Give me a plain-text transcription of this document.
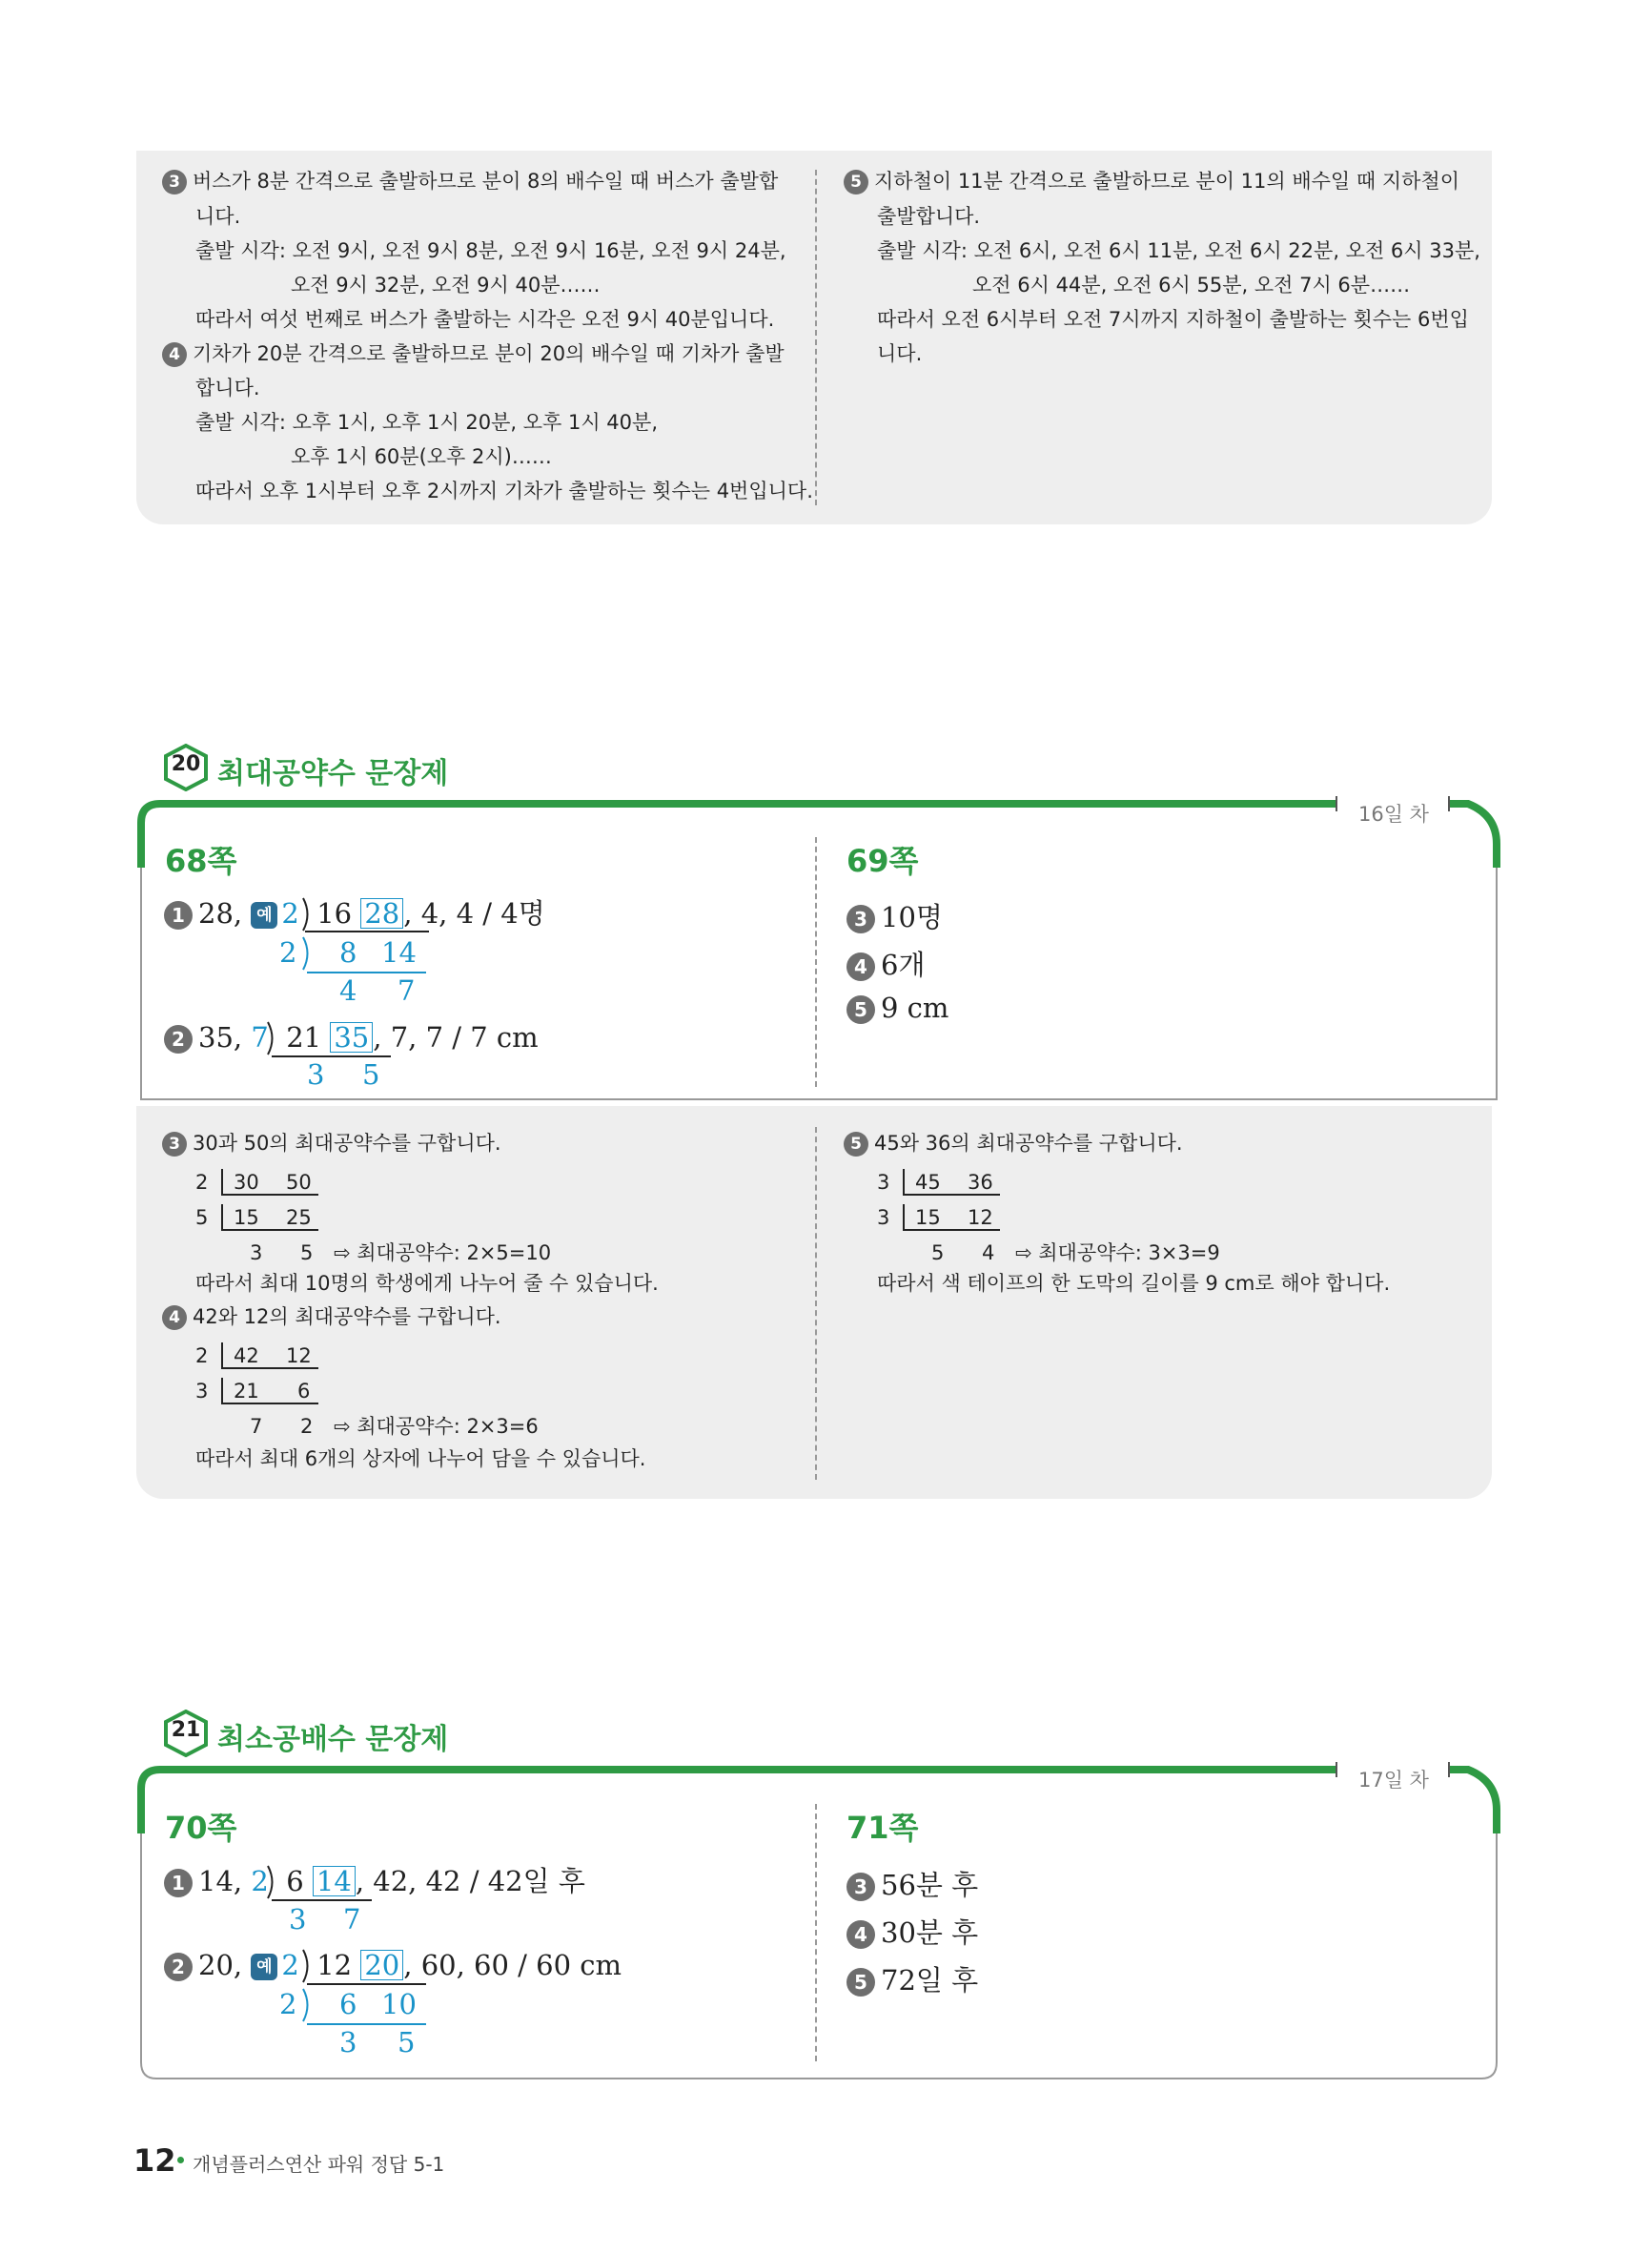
3 버스가 8분 간격으로 출발하므로 분이 8의 배수일 때 버스가 출발합
니다.
출발 시각: 오전 9시, 오전 9시 8분, 오전 9시 16분, 오전 9시 24분,
오전 9시 32분, 오전 9시 40분……
따라서 여섯 번째로 버스가 출발하는 시각은 오전 9시 40분입니다.
4 기차가 20분 간격으로 출발하므로 분이 20의 배수일 때 기차가 출발
합니다.
출발 시각: 오후 1시, 오후 1시 20분, 오후 1시 40분,
오후 1시 60분(오후 2시)……
따라서 오후 1시부터 오후 2시까지 기차가 출발하는 횟수는 4번입니다.
5 지하철이 11분 간격으로 출발하므로 분이 11의 배수일 때 지하철이
출발합니다.
출발 시각: 오전 6시, 오전 6시 11분, 오전 6시 22분, 오전 6시 33분,
오전 6시 44분, 오전 6시 55분, 오전 7시 6분……
따라서 오전 6시부터 오전 7시까지 지하철이 출발하는 횟수는 6번입
니다.
20 최대공약수 문장제
16일 차
68쪽	69쪽
1 28, 예 2 16 28 , 4, 4 / 4명
2 8 14
4 7
2 35, 7 21 35 , 7, 7 / 7 cm
3 5
3 10명
4 6개
5 9 cm
3 30과 50의 최대공약수를 구합니다.
2 30 50
5 15 25
3 5 ⇨ 최대공약수: 2×5=10
따라서 최대 10명의 학생에게 나누어 줄 수 있습니다.
4 42와 12의 최대공약수를 구합니다.
2 42 12
3 21 6
7 2 ⇨ 최대공약수: 2×3=6
따라서 최대 6개의 상자에 나누어 담을 수 있습니다.
5 45와 36의 최대공약수를 구합니다.
3 45 36
3 15 12
5 4 ⇨ 최대공약수: 3×3=9
따라서 색 테이프의 한 도막의 길이를 9 cm로 해야 합니다.
21 최소공배수 문장제
17일 차
70쪽	71쪽
1 14, 2 6 14 , 42, 42 / 42일 후
3 7
2 20, 예 2 12 20 , 60, 60 / 60 cm
2 6 10
3 5
3 56분 후
4 30분 후
5 72일 후
12 개념플러스연산 파워 정답 5-1
